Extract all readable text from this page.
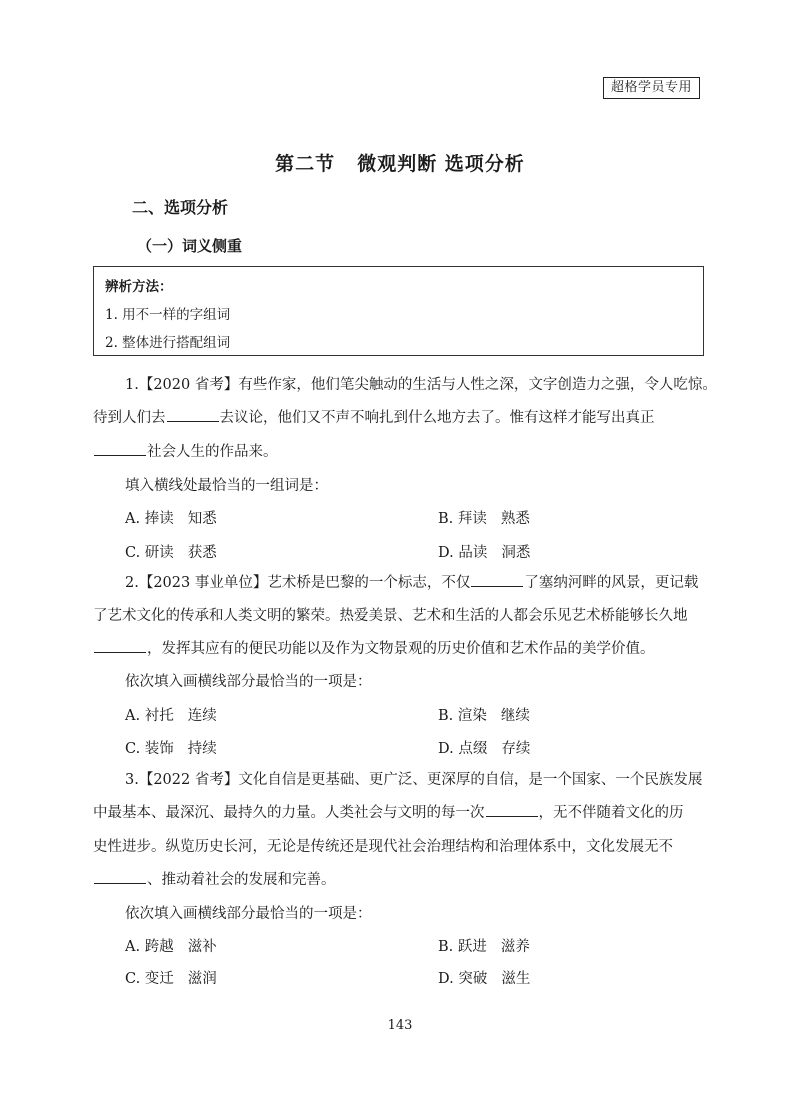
超格学员专用
第二节 微观判断 选项分析
二、选项分析
（一）词义侧重
辨析方法：
1. 用不一样的字组词
2. 整体进行搭配组词
1.【2020 省考】有些作家，他们笔尖触动的生活与人性之深，文字创造力之强，令人吃惊。
待到人们去	去议论，他们又不声不响扎到什么地方去了。惟有这样才能写出真正
社会人生的作品来。
填入横线处最恰当的一组词是：
A. 捧读 知悉	B. 拜读 熟悉
C. 研读 获悉	D. 品读 洞悉
2.【2023 事业单位】艺术桥是巴黎的一个标志，不仅	了塞纳河畔的风景，更记载
了艺术文化的传承和人类文明的繁荣。热爱美景、艺术和生活的人都会乐见艺术桥能够长久地
，发挥其应有的便民功能以及作为文物景观的历史价值和艺术作品的美学价值。
依次填入画横线部分最恰当的一项是：
A. 衬托 连续	B. 渲染 继续
C. 装饰 持续	D. 点缀 存续
3.【2022 省考】文化自信是更基础、更广泛、更深厚的自信，是一个国家、一个民族发展
中最基本、最深沉、最持久的力量。人类社会与文明的每一次	，无不伴随着文化的历
史性进步。纵览历史长河，无论是传统还是现代社会治理结构和治理体系中，文化发展无不
、推动着社会的发展和完善。
依次填入画横线部分最恰当的一项是：
A. 跨越 滋补	B. 跃进 滋养
C. 变迁 滋润	D. 突破 滋生
143
